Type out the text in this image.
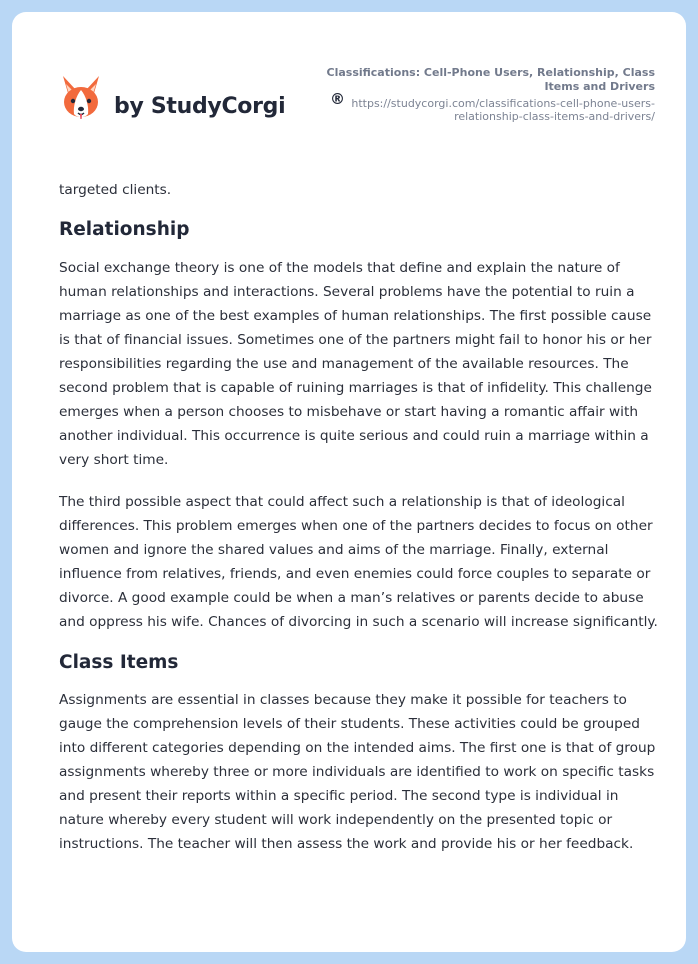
by StudyCorgi	®
Classifications: Cell-Phone Users, Relationship, Class Items and Drivers
https://studycorgi.com/classifications-cell-phone-users-relationship-class-items-and-drivers/

targeted clients.

Relationship

Social exchange theory is one of the models that define and explain the nature of human relationships and interactions. Several problems have the potential to ruin a marriage as one of the best examples of human relationships. The first possible cause is that of financial issues. Sometimes one of the partners might fail to honor his or her responsibilities regarding the use and management of the available resources. The second problem that is capable of ruining marriages is that of infidelity. This challenge emerges when a person chooses to misbehave or start having a romantic affair with another individual. This occurrence is quite serious and could ruin a marriage within a very short time.

The third possible aspect that could affect such a relationship is that of ideological differences. This problem emerges when one of the partners decides to focus on other women and ignore the shared values and aims of the marriage. Finally, external influence from relatives, friends, and even enemies could force couples to separate or divorce. A good example could be when a man’s relatives or parents decide to abuse and oppress his wife. Chances of divorcing in such a scenario will increase significantly.

Class Items

Assignments are essential in classes because they make it possible for teachers to gauge the comprehension levels of their students. These activities could be grouped into different categories depending on the intended aims. The first one is that of group assignments whereby three or more individuals are identified to work on specific tasks and present their reports within a specific period. The second type is individual in nature whereby every student will work independently on the presented topic or instructions. The teacher will then assess the work and provide his or her feedback.
